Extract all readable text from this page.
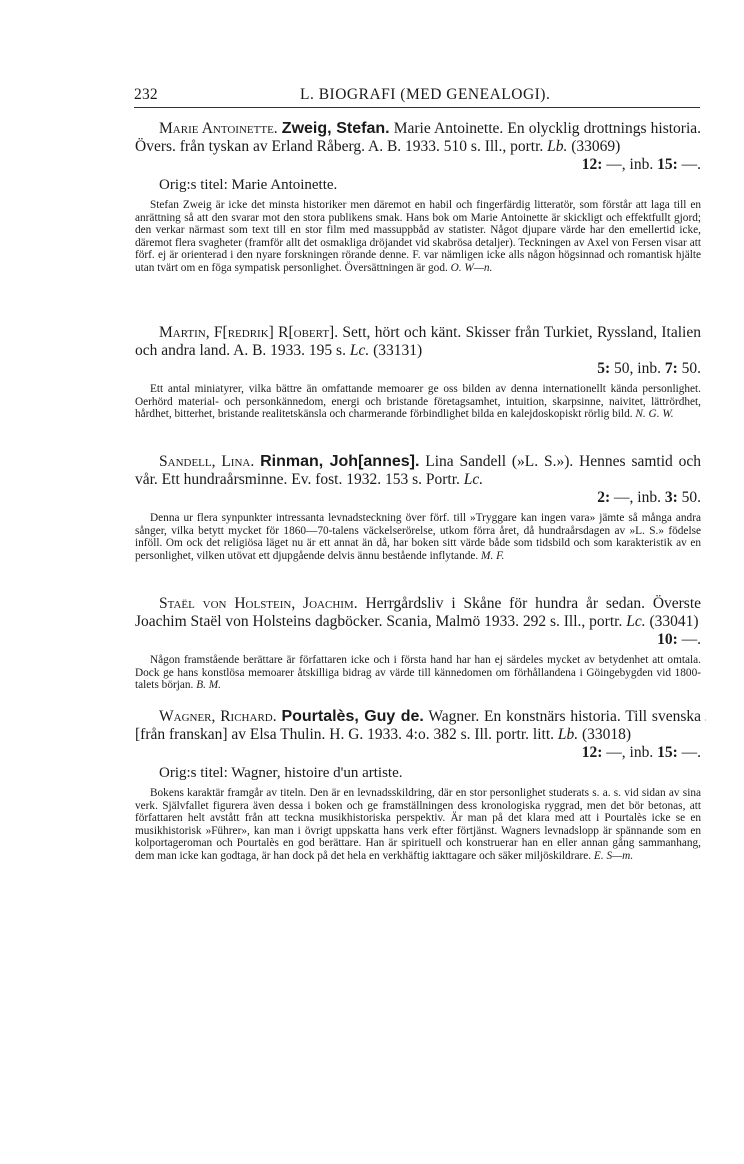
232	L. BIOGRAFI (MED GENEALOGI).
Marie Antoinette. Zweig, Stefan. Marie Antoinette. En olycklig drottnings historia. Övers. från tyskan av Erland Råberg. A. B. 1933. 510 s. Ill., portr. Lb. (33069)
12: —, inb. 15: —.
Orig:s titel: Marie Antoinette.
Stefan Zweig är icke det minsta historiker men däremot en habil och fingerfärdig litteratör, som förstår att laga till en anrättning så att den svarar mot den stora publikens smak. Hans bok om Marie Antoinette är skickligt och effektfullt gjord; den verkar närmast som text till en stor film med massuppbåd av statister. Något djupare värde har den emellertid icke, däremot flera svagheter (framför allt det osmakliga dröjandet vid skabrösa detaljer). Teckningen av Axel von Fersen visar att förf. ej är orienterad i den nyare forskningen rörande denne. F. var nämligen icke alls någon högsinnad och romantisk hjälte utan tvärt om en föga sympatisk personlighet. Översättningen är god. O. W—n.
Martin, F[redrik] R[obert]. Sett, hört och känt. Skisser från Turkiet, Ryssland, Italien och andra land. A. B. 1933. 195 s. Lc. (33131)
5: 50, inb. 7: 50.
Ett antal miniatyrer, vilka bättre än omfattande memoarer ge oss bilden av denna internationellt kända personlighet. Oerhörd material- och personkännedom, energi och bristande företagsamhet, intuition, skarpsinne, naivitet, lättrördhet, hårdhet, bitterhet, bristande realitetskänsla och charmerande förbindlighet bilda en kalejdoskopiskt rörlig bild. N. G. W.
Sandell, Lina. Rinman, Joh[annes]. Lina Sandell (»L. S.»). Hennes samtid och vår. Ett hundraårsminne. Ev. fost. 1932. 153 s. Portr. Lc.
2: —, inb. 3: 50.
Denna ur flera synpunkter intressanta levnadsteckning över förf. till »Tryggare kan ingen vara» jämte så många andra sånger, vilka betytt mycket för 1860—70-talens väckelserörelse, utkom förra året, då hundraårsdagen av »L. S.» födelse inföll. Om ock det religiösa läget nu är ett annat än då, har boken sitt värde både som tidsbild och som karakteristik av en personlighet, vilken utövat ett djupgående delvis ännu bestående inflytande. M. F.
Staël von Holstein, Joachim. Herrgårdsliv i Skåne för hundra år sedan. Överste Joachim Staël von Holsteins dagböcker. Scania, Malmö 1933. 292 s. Ill., portr. Lc. (33041)
10: —.
Någon framstående berättare är författaren icke och i första hand har han ej särdeles mycket av betydenhet att omtala. Dock ge hans konstlösa memoarer åtskilliga bidrag av värde till kännedomen om förhållandena i Göingebygden vid 1800-talets början. B. M.
Wagner, Richard. Pourtalès, Guy de. Wagner. En konstnärs historia. Till svenska [från franskan] av Elsa Thulin. H. G. 1933. 4:o. 382 s. Ill. portr. litt. Lb. (33018)
12: —, inb. 15: —.
Orig:s titel: Wagner, histoire d'un artiste.
Bokens karaktär framgår av titeln. Den är en levnadsskildring, där en stor personlighet studerats s. a. s. vid sidan av sina verk. Självfallet figurera även dessa i boken och ge framställningen dess kronologiska ryggrad, men det bör betonas, att författaren helt avstått från att teckna musikhistoriska perspektiv. Är man på det klara med att i Pourtalès icke se en musikhistorisk »Führer», kan man i övrigt uppskatta hans verk efter förtjänst. Wagners levnadslopp är spännande som en kolportageroman och Pourtalès en god berättare. Han är spirituell och konstruerar han en eller annan gång sammanhang, dem man icke kan godtaga, är han dock på det hela en verkhäftig iakttagare och säker miljöskildrare. E. S—m.
·
